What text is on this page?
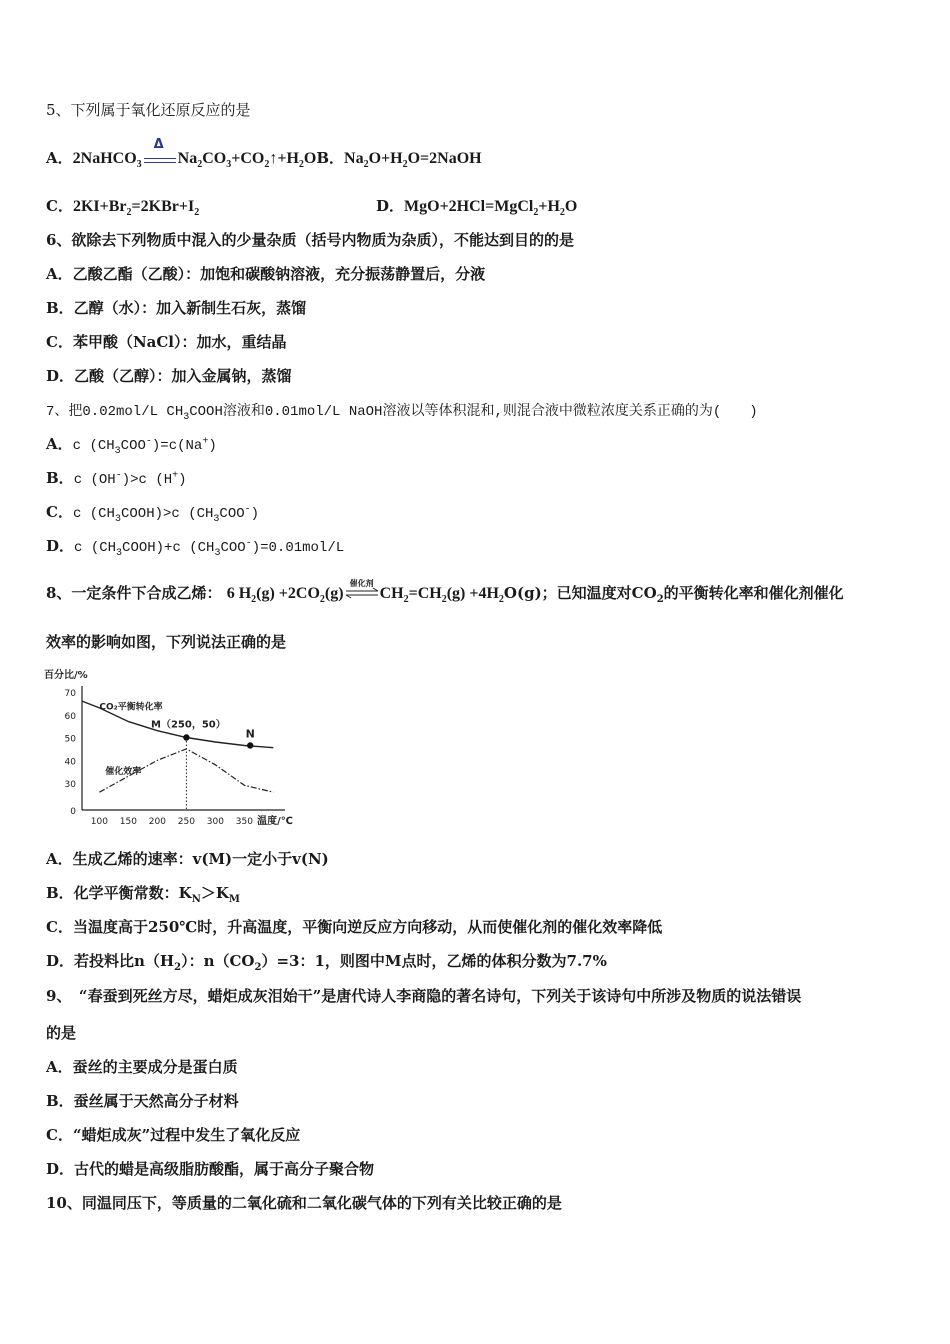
5、下列属于氧化还原反应的是
A．2NaHCO$_3$
Δ
$Na_2CO_3+CO_2↑+H_2OB$．$Na_2O+H_2O=2NaOH$
C．$2KI+Br_2=2KBr+I_2$	D．$MgO+2HCl=MgCl_2+H_2O$
6、欲除去下列物质中混入的少量杂质（括号内物质为杂质），不能达到目的的是
A．乙酸乙酯（乙酸）：加饱和碳酸钠溶液，充分振荡静置后，分液
B．乙醇（水）：加入新制生石灰，蒸馏
C．苯甲酸（NaCl）：加水，重结晶
D．乙酸（乙醇）：加入金属钠，蒸馏
7、把0.02mol/L $CH_3COOH$溶液和0.01mol/L NaOH溶液以等体积混和,则混合液中微粒浓度关系正确的为(　　)
A．c $(CH_3COO^-)=c(Na^+)$
B．c (OH-)>c (H+)
C．c $(CH_3COOH)>c$ $(CH_3COO^-)$
D．c $(CH_3COOH)+c$ $(CH_3COO^-)=0.01mol/L$
8、一定条件下合成乙烯： 6 $H_2(g) +2CO_2(g)$
催化剂
$CH_2=CH_2(g) +4H_2O(g)$；已知温度对$CO_2$的平衡转化率和催化剂催化
效率的影响如图，下列说法正确的是
百分比/%
0
30
40
50
60
70
100 150 200 250 300 350 温度/℃
CO₂平衡转化率
催化效率
M（250，50）
N
A．生成乙烯的速率：v(M)一定小于v(N)
B．化学平衡常数：$K_N>K_M$
C．当温度高于250℃时，升高温度，平衡向逆反应方向移动，从而使催化剂的催化效率降低
D．若投料比$n(H_2)$：$n(CO_2)=3$：1，则图中M点时，乙烯的体积分数为7.7%
9、　“春蚕到死丝方尽，蜡炬成灰泪始干”是唐代诗人李商隐的著名诗句，下列关于该诗句中所涉及物质的说法错误
的是
A．蚕丝的主要成分是蛋白质
B．蚕丝属于天然高分子材料
C．“蜡炬成灰”过程中发生了氧化反应
D．古代的蜡是高级脂肪酸酯，属于高分子聚合物
10、同温同压下，等质量的二氧化硫和二氧化碳气体的下列有关比较正确的是
